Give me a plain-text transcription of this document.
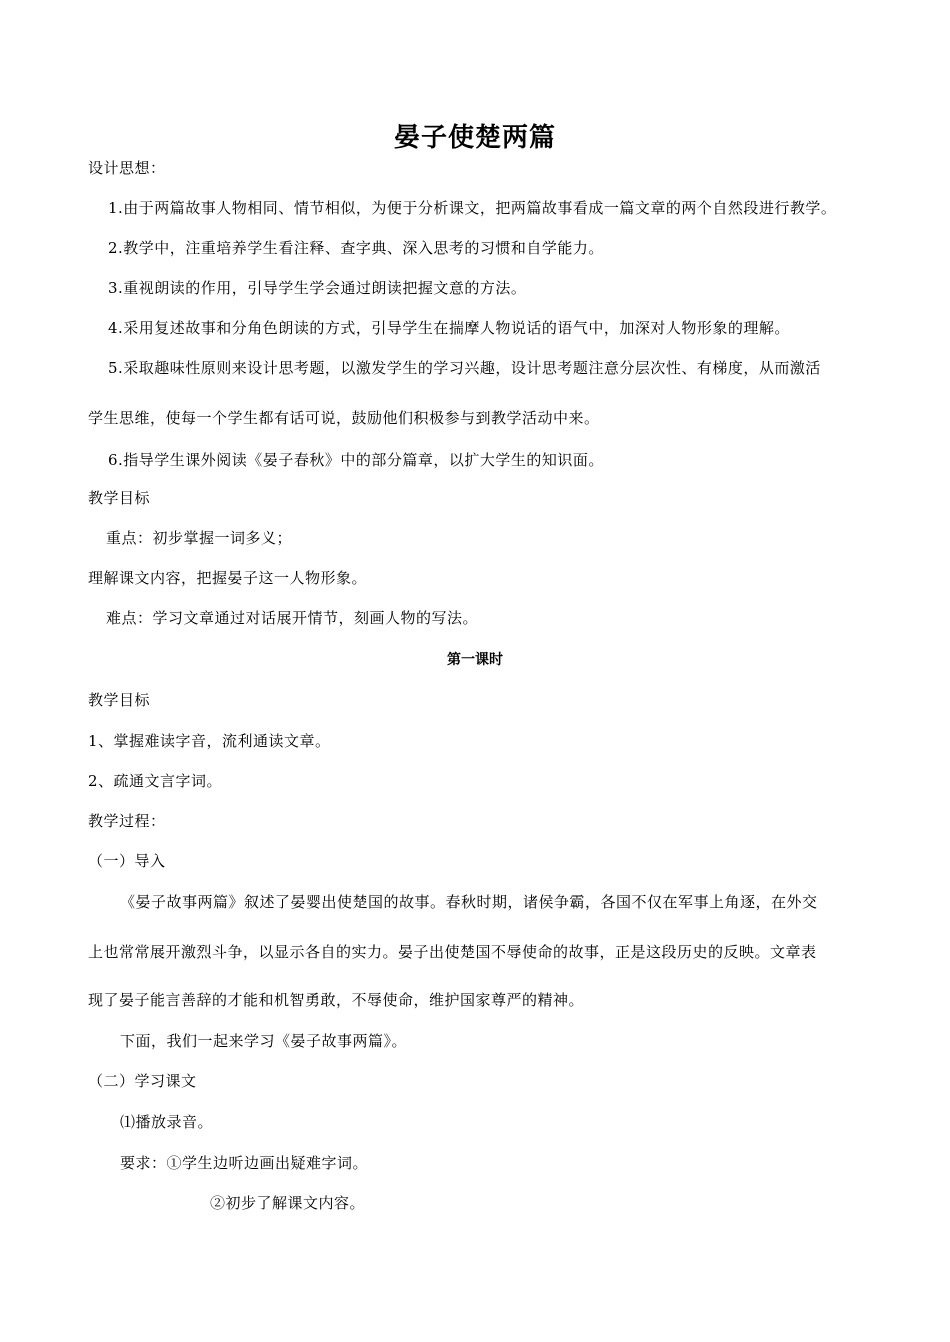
晏子使楚两篇
设计思想：
1.由于两篇故事人物相同、情节相似，为便于分析课文，把两篇故事看成一篇文章的两个自然段进行教学。
2.教学中，注重培养学生看注释、查字典、深入思考的习惯和自学能力。
3.重视朗读的作用，引导学生学会通过朗读把握文意的方法。
4.采用复述故事和分角色朗读的方式，引导学生在揣摩人物说话的语气中，加深对人物形象的理解。
5.采取趣味性原则来设计思考题，以激发学生的学习兴趣，设计思考题注意分层次性、有梯度，从而激活
学生思维，使每一个学生都有话可说，鼓励他们积极参与到教学活动中来。
6.指导学生课外阅读《晏子春秋》中的部分篇章，以扩大学生的知识面。
教学目标
重点：初步掌握一词多义；
理解课文内容，把握晏子这一人物形象。
难点：学习文章通过对话展开情节，刻画人物的写法。
第一课时
教学目标
1、掌握难读字音，流利通读文章。
2、疏通文言字词。
教学过程：
（一）导入
《晏子故事两篇》叙述了晏婴出使楚国的故事。春秋时期，诸侯争霸，各国不仅在军事上角逐，在外交
上也常常展开激烈斗争，以显示各自的实力。晏子出使楚国不辱使命的故事，正是这段历史的反映。文章表
现了晏子能言善辞的才能和机智勇敢，不辱使命，维护国家尊严的精神。
下面，我们一起来学习《晏子故事两篇》。
（二）学习课文
⑴播放录音。
要求：①学生边听边画出疑难字词。
②初步了解课文内容。
